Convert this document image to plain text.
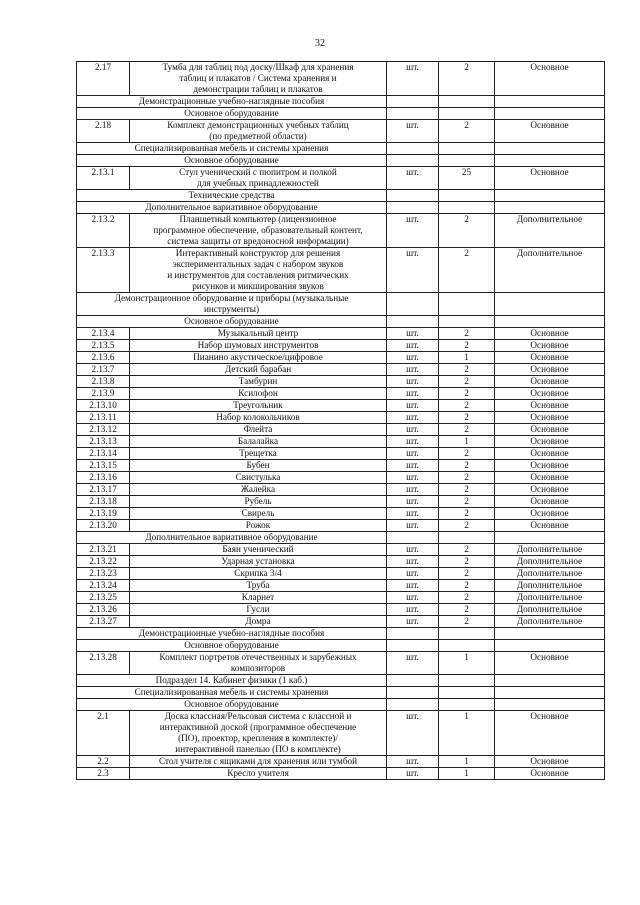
32
2.17	Тумба для таблиц под доску/Шкаф для хранения
таблиц и плакатов / Система хранения и
демонстрации таблиц и плакатов	шт.	2	Основное
Демонстрационные учебно-наглядные пособия				
Основное оборудование				
2.18	Комплект демонстрационных учебных таблиц
(по предметной области)	шт.	2	Основное
Специализированная мебель и системы хранения				
Основное оборудование				
2.13.1	Стул ученический с пюпитром и полкой
для учебных принадлежностей	шт.	25	Основное
Технические средства				
Дополнительное вариативное оборудование				
2.13.2	Планшетный компьютер (лицензионное
программное обеспечение, образовательный контент,
система защиты от вредоносной информации)	шт.	2	Дополнительное
2.13.3	Интерактивный конструктор для решения
экспериментальных задач с набором звуков
и инструментов для составления ритмических
рисунков и микширования звуков	шт.	2	Дополнительное

Демонстрационное оборудование и приборы (музыкальные
инструменты)				

Основное оборудование				
2.13.4	Музыкальный центр	шт.	2	Основное
2.13.5	Набор шумовых инструментов	шт.	2	Основное
2.13.6	Пианино акустическое/цифровое	шт.	1	Основное
2.13.7	Детский барабан	шт.	2	Основное
2.13.8	Тамбурин	шт.	2	Основное
2.13.9	Ксилофон	шт.	2	Основное
2.13.10	Треугольник	шт.	2	Основное
2.13.11	Набор колокольчиков	шт.	2	Основное
2.13.12	Флейта	шт.	2	Основное
2.13.13	Балалайка	шт.	1	Основное
2.13.14	Трещетка	шт.	2	Основное
2.13.15	Бубен	шт.	2	Основное
2.13.16	Свистулька	шт.	2	Основное
2.13.17	Жалейка	шт.	2	Основное
2.13.18	Рубель	шт.	2	Основное
2.13.19	Свирель	шт.	2	Основное
2.13.20	Рожок	шт.	2	Основное
Дополнительное вариативное оборудование				
2.13.21	Баян ученический	шт.	2	Дополнительное
2.13.22	Ударная установка	шт.	2	Дополнительное
2.13.23	Скрипка 3/4	шт.	2	Дополнительное
2.13.24	Труба	шт.	2	Дополнительное
2.13.25	Кларнет	шт.	2	Дополнительное
2.13.26	Гусли	шт.	2	Дополнительное
2.13.27	Домра	шт.	2	Дополнительное
Демонстрационные учебно-наглядные пособия				
Основное оборудование				
2.13.28	Комплект портретов отечественных и зарубежных
композиторов	шт.	1	Основное
Подраздел 14. Кабинет физики (1 каб.)				
Специализированная мебель и системы хранения				
Основное оборудование				
2.1	Доска классная/Рельсовая система с классной и
интерактивной доской (программное обеспечение
(ПО), проектор, крепления в комплекте)/
интерактивной панелью (ПО в комплекте)	шт.	1	Основное
2.2	Стол учителя с ящиками для хранения или тумбой	шт.	1	Основное
2.3	Кресло учителя	шт.	1	Основное
